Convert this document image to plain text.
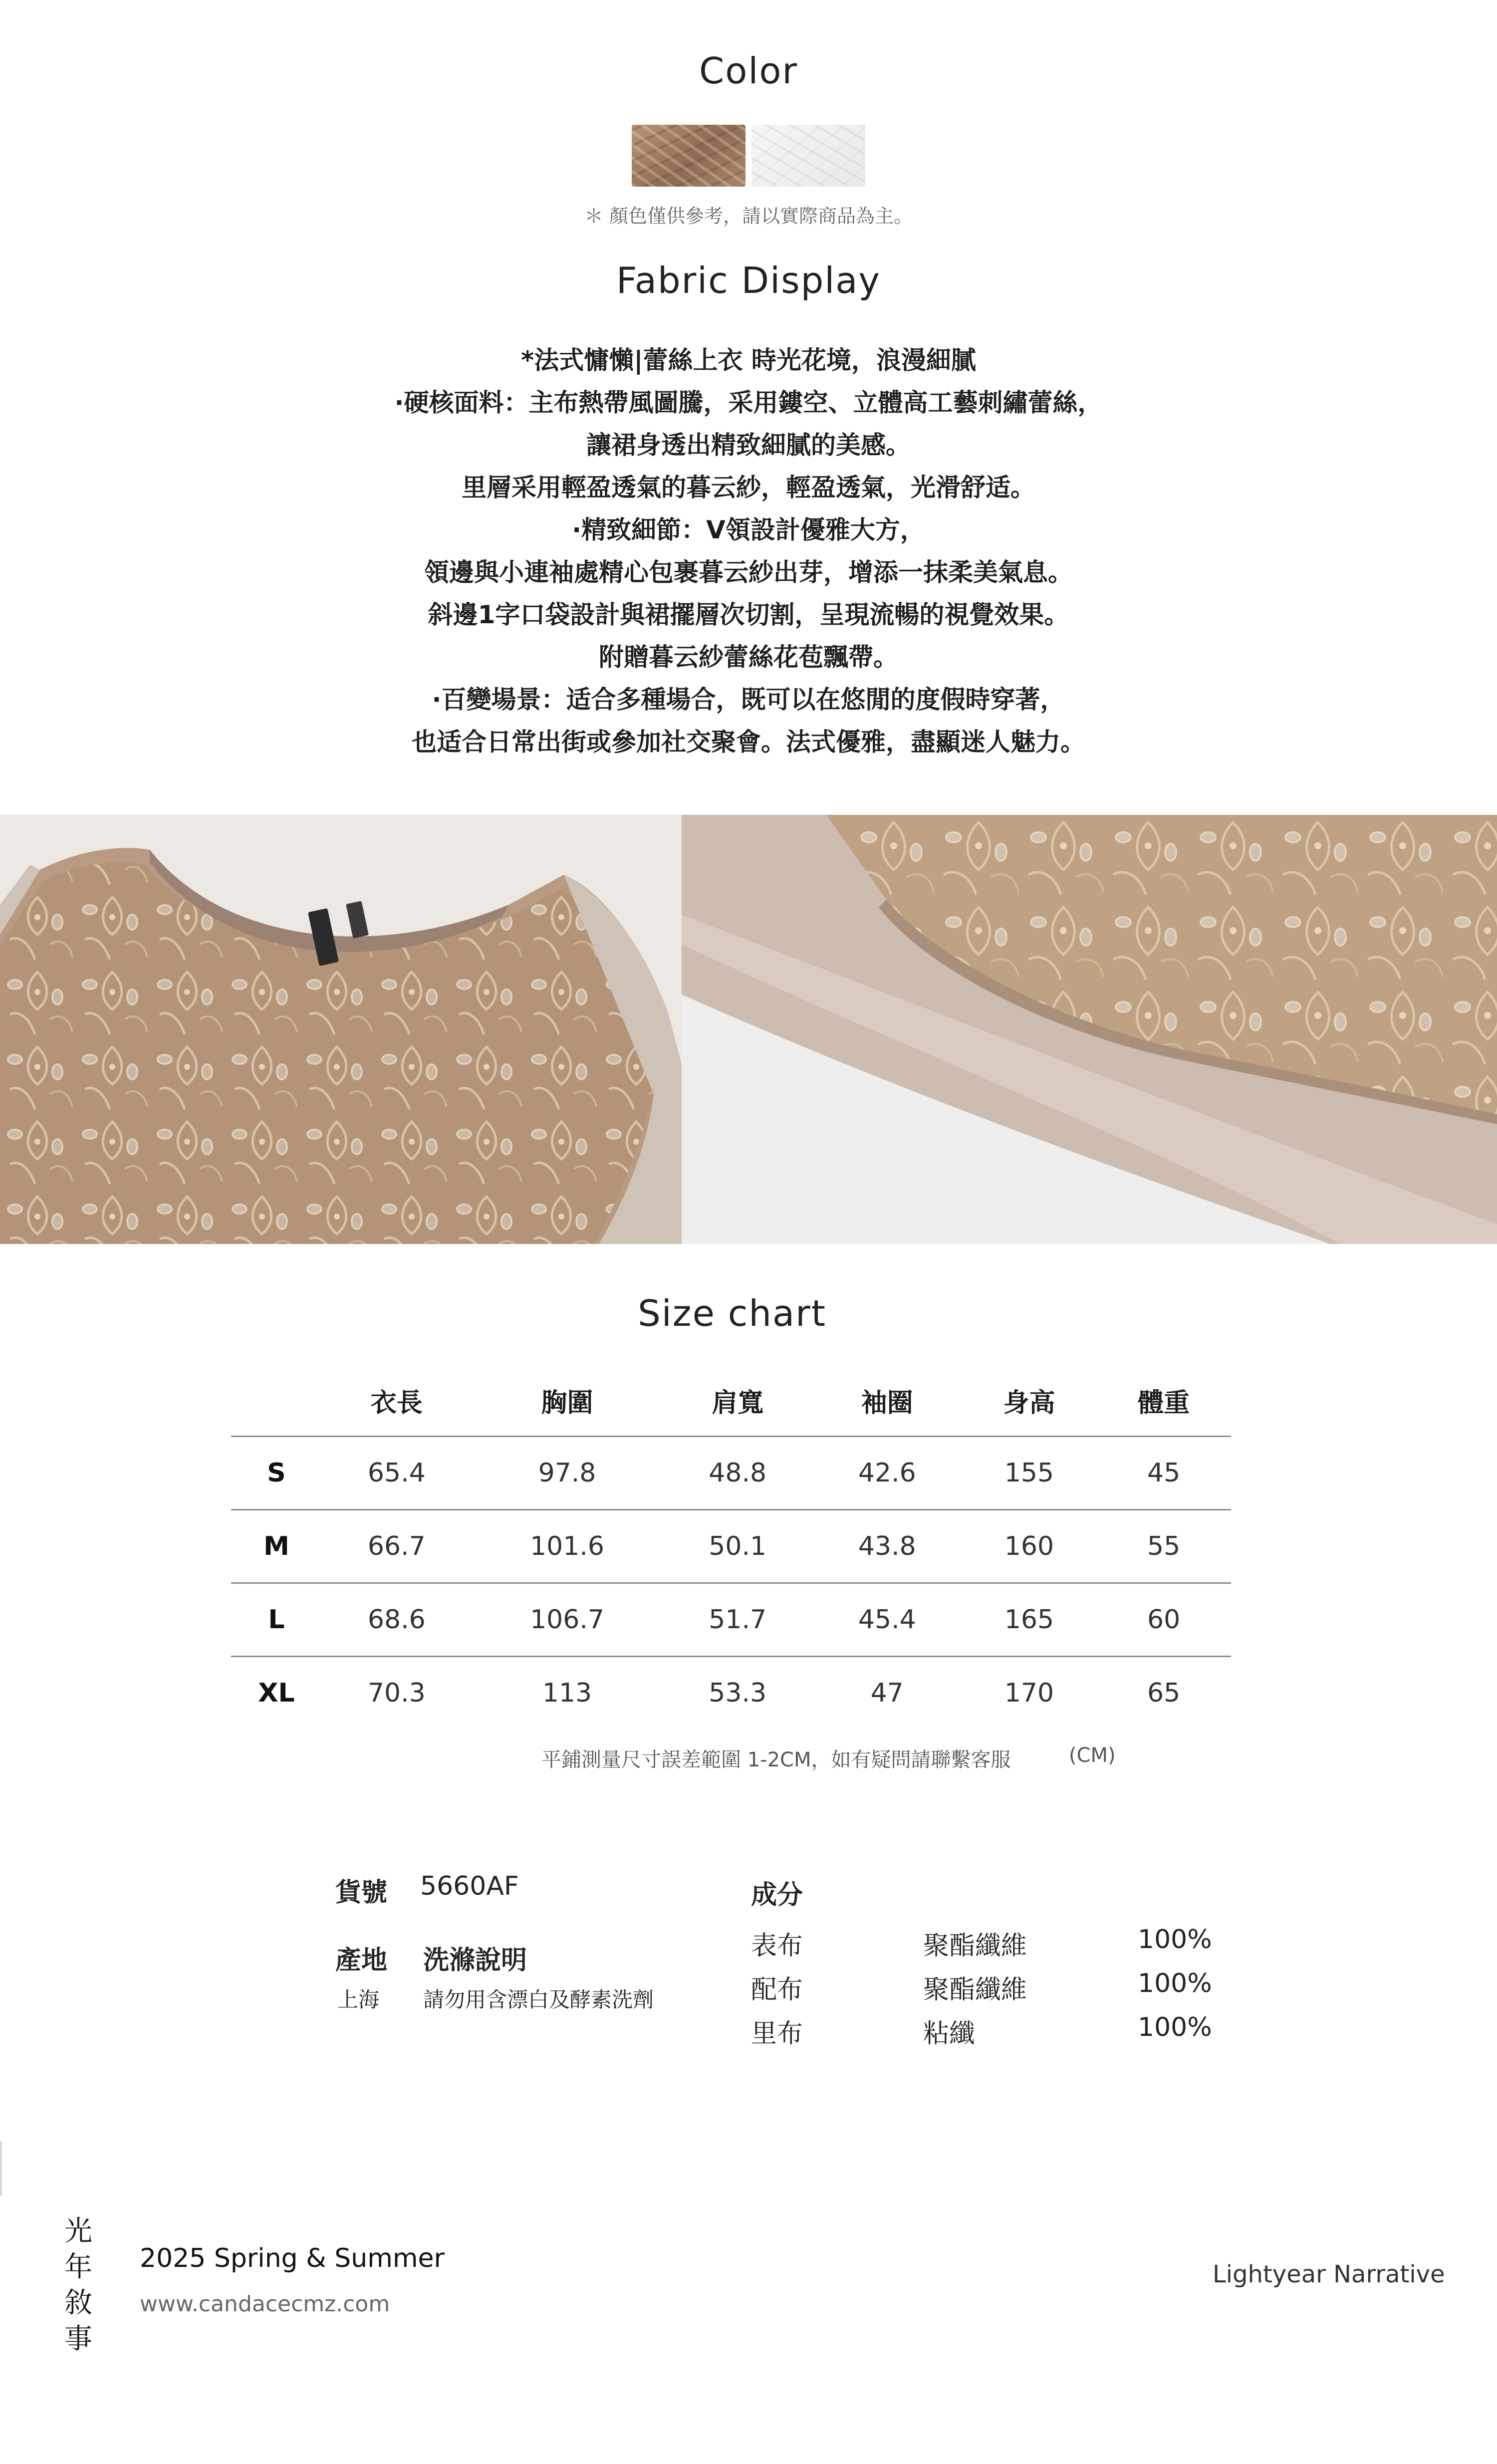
Color
＊ 顏色僅供參考，請以實際商品為主。
Fabric Display
*法式慵懶|蕾絲上衣 時光花境，浪漫細膩
·硬核面料：主布熱帶風圖騰，采用鏤空、立體高工藝刺繡蕾絲，
讓裙身透出精致細膩的美感。
里層采用輕盈透氣的暮云紗，輕盈透氣，光滑舒适。
·精致細節：V領設計優雅大方，
領邊與小連袖處精心包裹暮云紗出芽，增添一抹柔美氣息。
斜邊1字口袋設計與裙擺層次切割，呈現流暢的視覺效果。
附贈暮云紗蕾絲花苞飄帶。
·百變場景：适合多種場合，既可以在悠閒的度假時穿著，
也适合日常出街或參加社交聚會。法式優雅，盡顯迷人魅力。
Size chart
	衣長	胸圍	肩寬	袖圈	身高	體重
S	65.4	97.8	48.8	42.6	155	45
M	66.7	101.6	50.1	43.8	160	55
L	68.6	106.7	51.7	45.4	165	60
XL	70.3	113	53.3	47	170	65
平鋪測量尺寸誤差範圍 1-2CM，如有疑問請聯繫客服	(CM)
貨號 5660AF
產地 洗滌說明
上海 請勿用含漂白及酵素洗劑
成分
表布	聚酯纖維	100%
配布	聚酯纖維	100%
里布	粘纖	100%
光
年
敘
事
2025 Spring & Summer
www.candacecmz.com
Lightyear Narrative
